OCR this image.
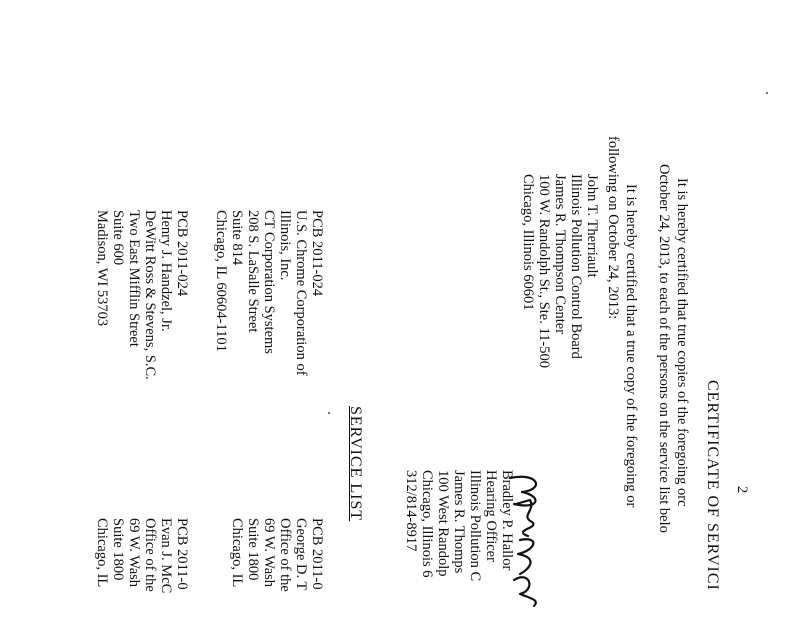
2
CERTIFICATE OF SERVICI
It is hereby certified that true copies of the foregoing orc
October 24, 2013, to each of the persons on the service list belo
It is hereby certified that a true copy of the foregoing or
following on October 24, 2013:
John T. Therriault
Illinois Pollution Control Board
James R. Thompson Center
100 W. Randolph St., Ste. 11-500
Chicago, Illinois 60601
SERVICE LIST
PCB 2011-024
U.S. Chrome Corporation of
Illinois, Inc.
CT Corporation Systems
208 S. LaSalle Street
Suite 814
Chicago, IL 60604-1101
PCB 2011-024
Henry J. Handzel, Jr.
DeWitt Ross & Stevens, S.C.
Two East Mifflin Street
Suite 600
Madison, WI 53703
Bradley P. Hallor
Hearing Officer
Illinois Pollution C
James R. Thomps
100 West Randolp
Chicago, Illinois 6
312/814-8917
PCB 2011-0
George D. T
Office of the
69 W. Wash
Suite 1800
Chicago, IL
PCB 2011-0
Evan J. McC
Office of the
69 W. Wash
Suite 1800
Chicago, IL
